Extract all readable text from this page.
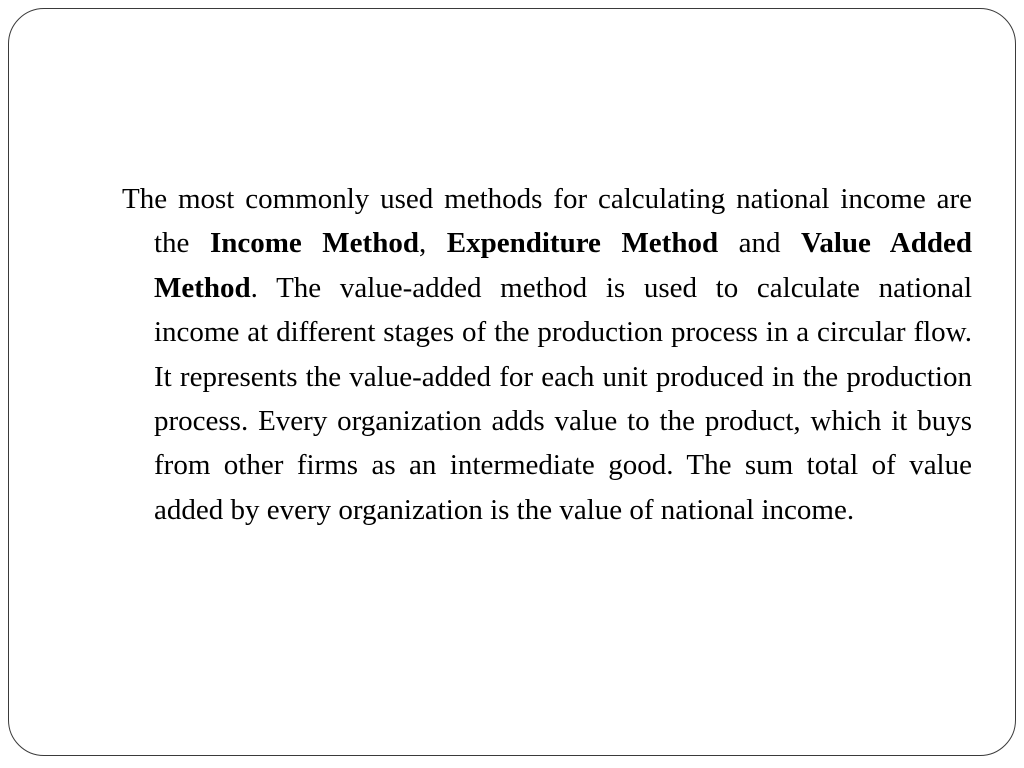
The most commonly used methods for calculating national income are the Income Method, Expenditure Method and Value Added Method. The value-added method is used to calculate national income at different stages of the production process in a circular flow. It represents the value-added for each unit produced in the production process. Every organization adds value to the product, which it buys from other firms as an intermediate good. The sum total of value added by every organization is the value of national income.
